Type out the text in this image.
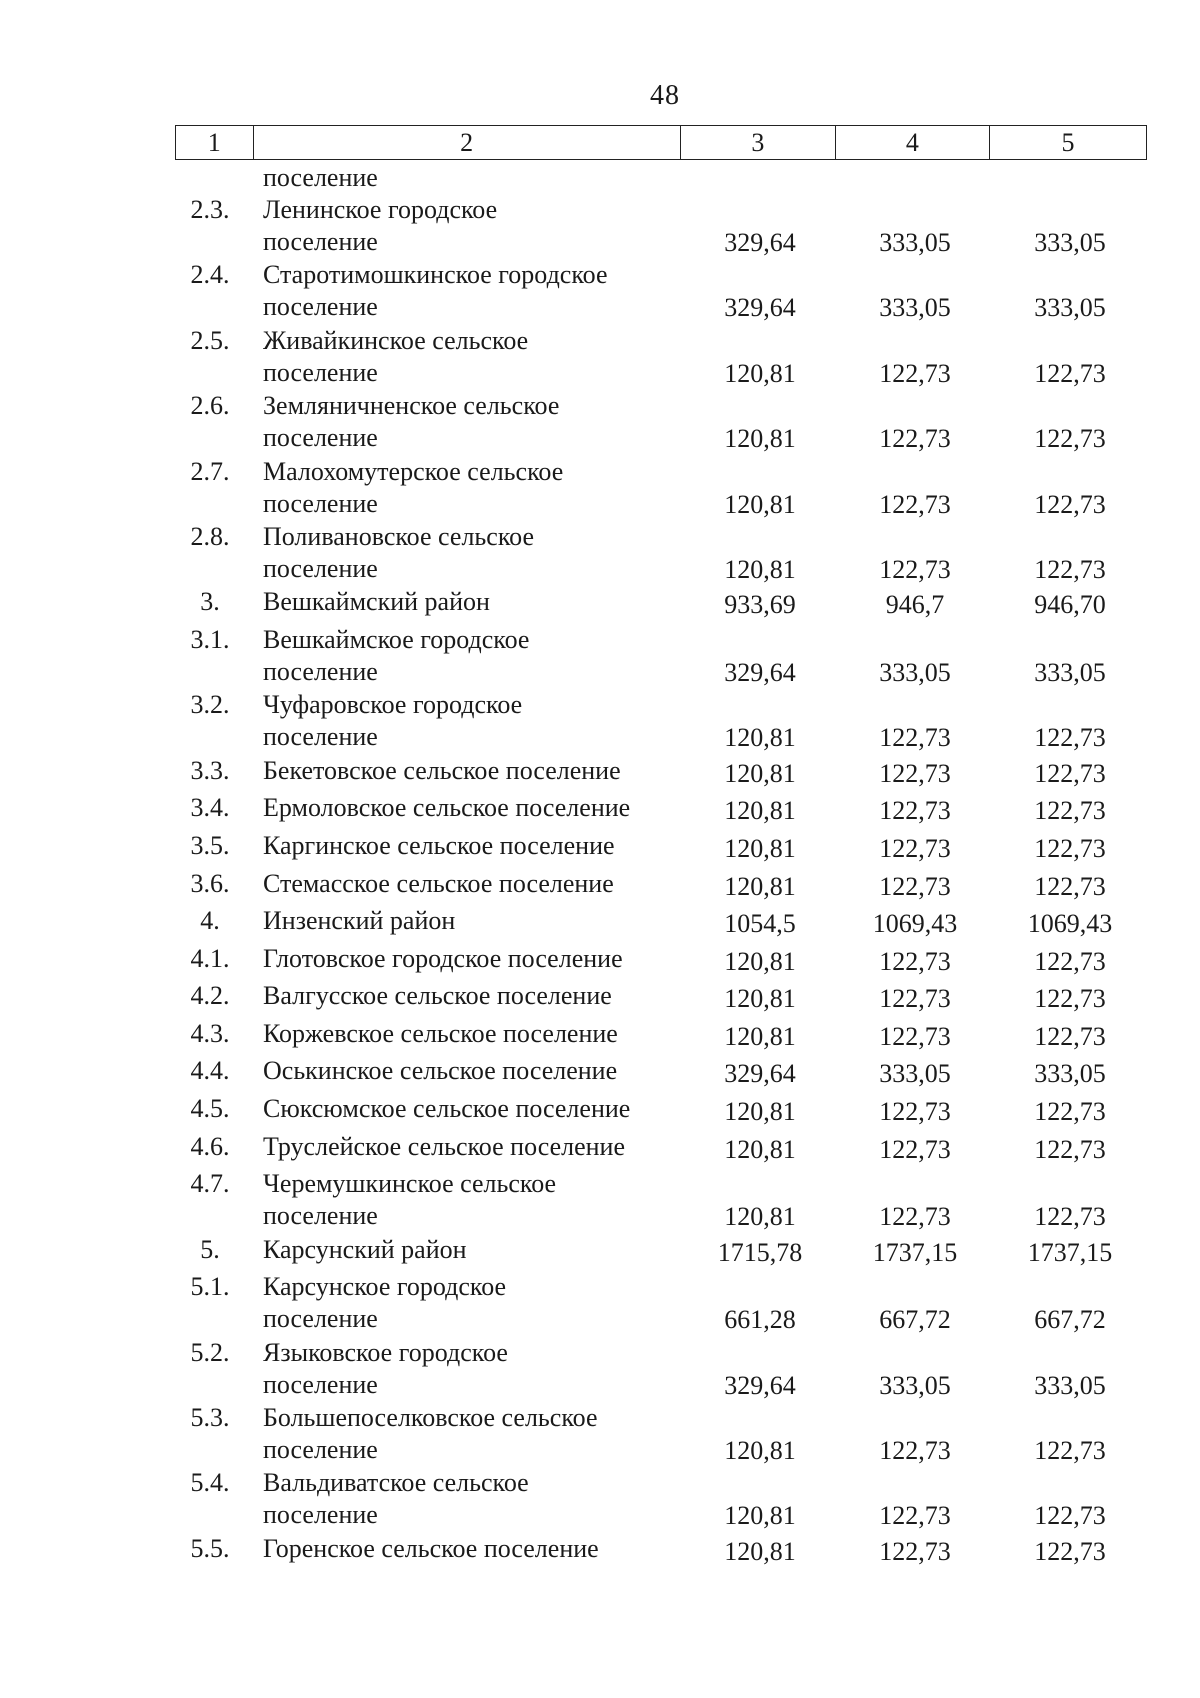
48
1	2	3	4	5
поселение
2.3.	Ленинское городское
поселение	329,64	333,05	333,05
2.4.	Старотимошкинское городское
поселение	329,64	333,05	333,05
2.5.	Живайкинское сельское
поселение	120,81	122,73	122,73
2.6.	Земляничненское сельское
поселение	120,81	122,73	122,73
2.7.	Малохомутерское сельское
поселение	120,81	122,73	122,73
2.8.	Поливановское сельское
поселение	120,81	122,73	122,73
3.	Вешкаймский район	933,69	946,7	946,70
3.1.	Вешкаймское городское
поселение	329,64	333,05	333,05
3.2.	Чуфаровское городское
поселение	120,81	122,73	122,73
3.3.	Бекетовское сельское поселение	120,81	122,73	122,73
3.4.	Ермоловское сельское поселение	120,81	122,73	122,73
3.5.	Каргинское сельское поселение	120,81	122,73	122,73
3.6.	Стемасское сельское поселение	120,81	122,73	122,73
4.	Инзенский район	1054,5	1069,43	1069,43
4.1.	Глотовское городское поселение	120,81	122,73	122,73
4.2.	Валгусское сельское поселение	120,81	122,73	122,73
4.3.	Коржевское сельское поселение	120,81	122,73	122,73
4.4.	Оськинское сельское поселение	329,64	333,05	333,05
4.5.	Сюксюмское сельское поселение	120,81	122,73	122,73
4.6.	Труслейское сельское поселение	120,81	122,73	122,73
4.7.	Черемушкинское сельское
поселение	120,81	122,73	122,73
5.	Карсунский район	1715,78	1737,15	1737,15
5.1.	Карсунское городское
поселение	661,28	667,72	667,72
5.2.	Языковское городское
поселение	329,64	333,05	333,05
5.3.	Большепоселковское сельское
поселение	120,81	122,73	122,73
5.4.	Вальдиватское сельское
поселение	120,81	122,73	122,73
5.5.	Горенское сельское поселение	120,81	122,73	122,73
